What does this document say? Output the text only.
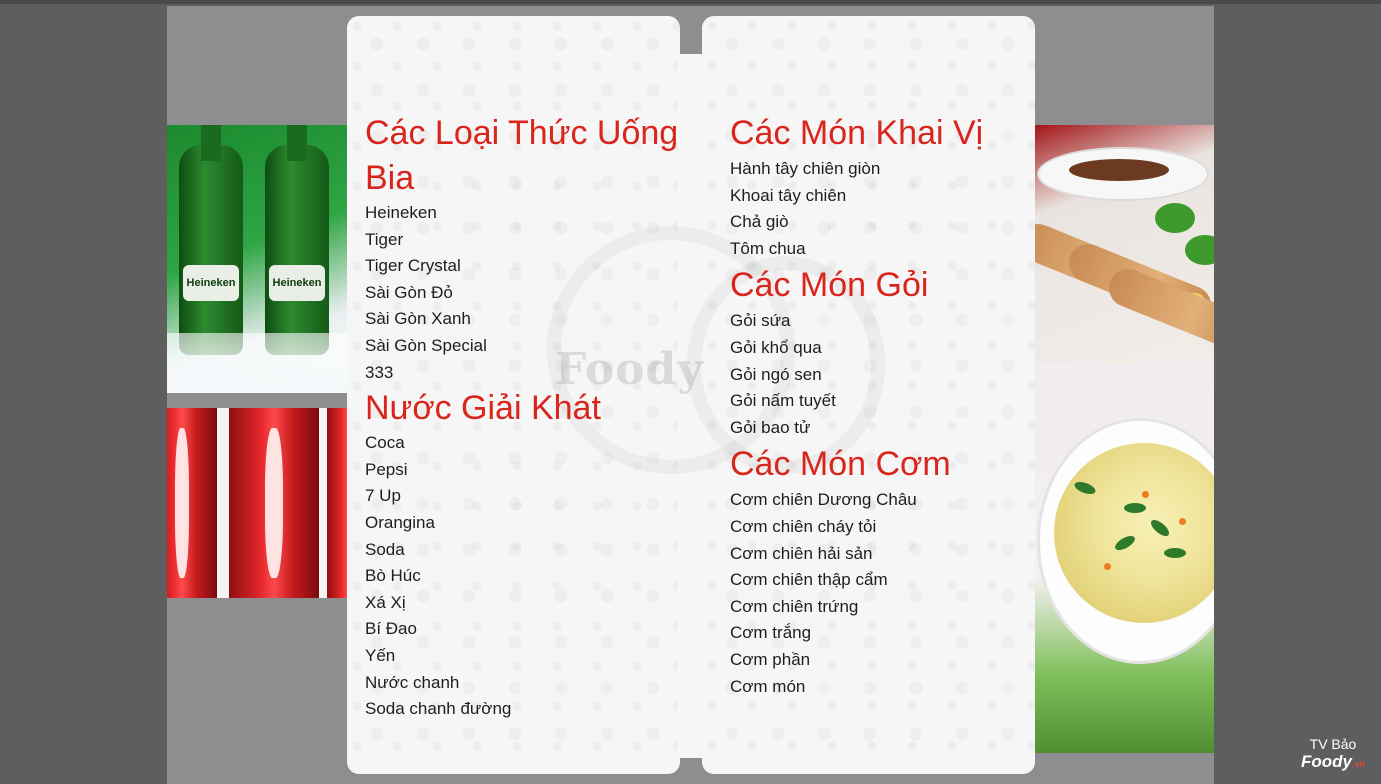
Heineken	Heineken
Foody
Các Loại Thức Uống
Bia
Heineken
Tiger
Tiger Crystal
Sài Gòn Đỏ
Sài Gòn Xanh
Sài Gòn Special
333
Nước Giải Khát
Coca
Pepsi
7 Up
Orangina
Soda
Bò Húc
Xá Xị
Bí Đao
Yến
Nước chanh
Soda chanh đường
Các Món Khai Vị
Hành tây chiên giòn
Khoai tây chiên
Chả giò
Tôm chua
Các Món Gỏi
Gỏi sứa
Gỏi khổ qua
Gỏi ngó sen
Gỏi nấm tuyết
Gỏi bao tử
Các Món Cơm
Cơm chiên Dương Châu
Cơm chiên cháy tỏi
Cơm chiên hải sản
Cơm chiên thập cẩm
Cơm chiên trứng
Cơm trắng
Cơm phần
Cơm món
TV Bảo
Foody.vn
